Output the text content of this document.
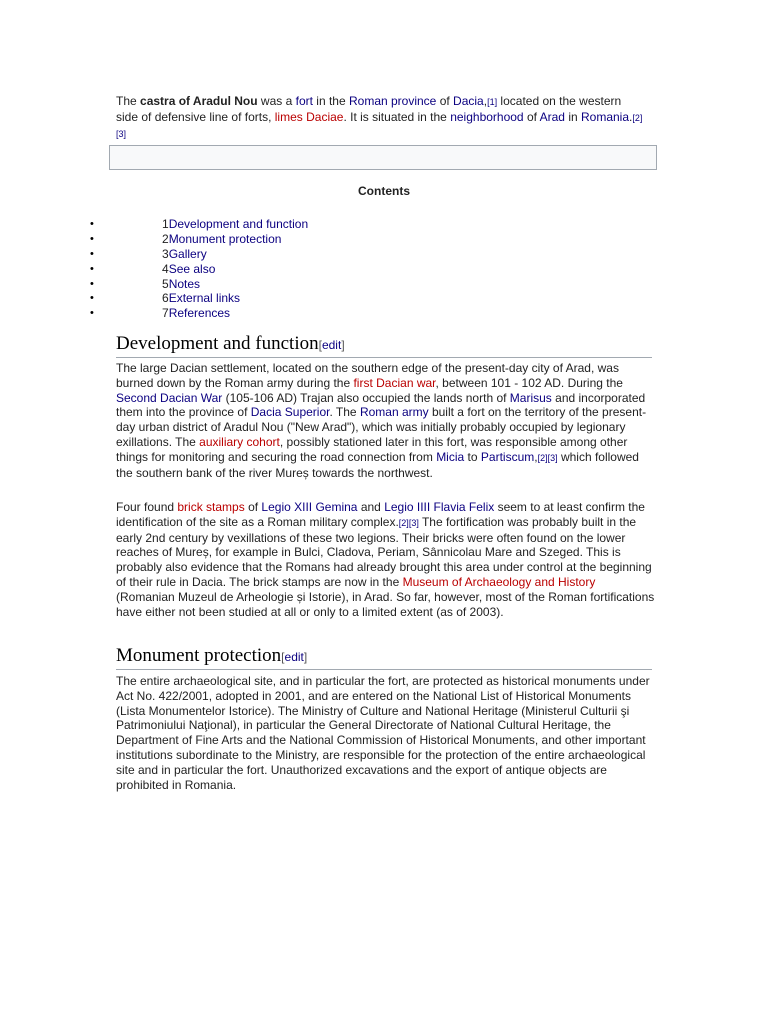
The castra of Aradul Nou was a fort in the Roman province of Dacia,[1] located on the western side of defensive line of forts, limes Daciae. It is situated in the neighborhood of Arad in Romania.[2][3]

Contents
•	1Development and function
•	2Monument protection
•	3Gallery
•	4See also
•	5Notes
•	6External links
•	7References
Development and function[edit]

The large Dacian settlement, located on the southern edge of the present-day city of Arad, was burned down by the Roman army during the first Dacian war, between 101 - 102 AD. During the Second Dacian War (105-106 AD) Trajan also occupied the lands north of Marisus and incorporated them into the province of Dacia Superior. The Roman army built a fort on the territory of the present-day urban district of Aradul Nou ("New Arad"), which was initially probably occupied by legionary exillations. The auxiliary cohort, possibly stationed later in this fort, was responsible among other things for monitoring and securing the road connection from Micia to Partiscum,[2][3] which followed the southern bank of the river Mureș towards the northwest.

Four found brick stamps of Legio XIII Gemina and Legio IIII Flavia Felix seem to at least confirm the identification of the site as a Roman military complex.[2][3] The fortification was probably built in the early 2nd century by vexillations of these two legions. Their bricks were often found on the lower reaches of Mureș, for example in Bulci, Cladova, Periam, Sânnicolau Mare and Szeged. This is probably also evidence that the Romans had already brought this area under control at the beginning of their rule in Dacia. The brick stamps are now in the Museum of Archaeology and History (Romanian Muzeul de Arheologie și Istorie), in Arad. So far, however, most of the Roman fortifications have either not been studied at all or only to a limited extent (as of 2003).

Monument protection[edit]

The entire archaeological site, and in particular the fort, are protected as historical monuments under Act No. 422/2001, adopted in 2001, and are entered on the National List of Historical Monuments (Lista Monumentelor Istorice). The Ministry of Culture and National Heritage (Ministerul Culturii şi Patrimoniului Naţional), in particular the General Directorate of National Cultural Heritage, the Department of Fine Arts and the National Commission of Historical Monuments, and other important institutions subordinate to the Ministry, are responsible for the protection of the entire archaeological site and in particular the fort. Unauthorized excavations and the export of antique objects are prohibited in Romania.
